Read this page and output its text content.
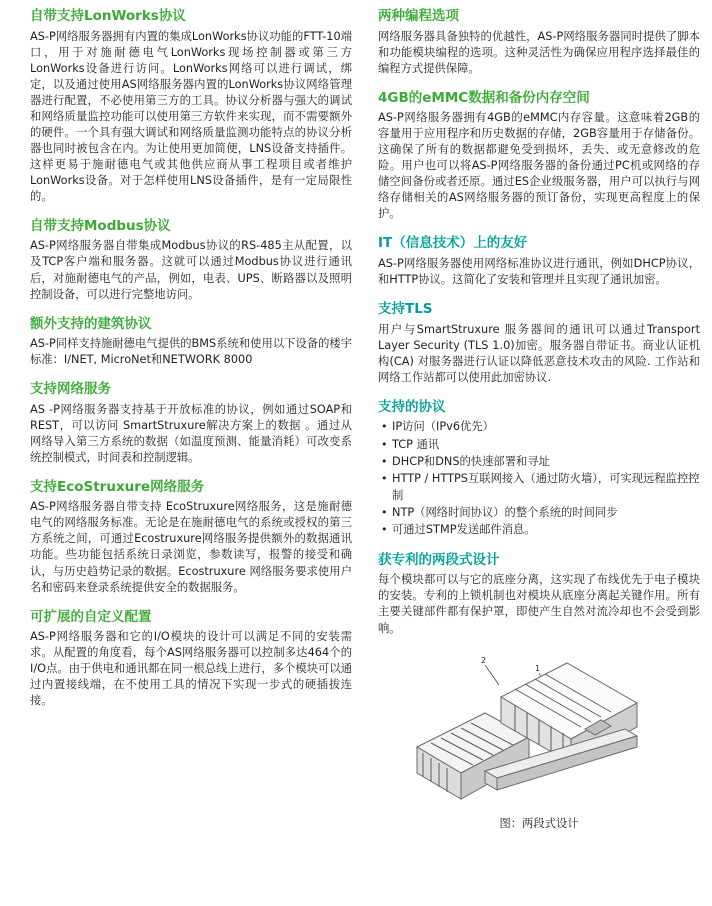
自带支持LonWorks协议

AS-P网络服务器拥有内置的集成LonWorks协议功能的FTT-10端口，用于对施耐德电气LonWorks现场控制器或第三方LonWorks设备进行访问。LonWorks网络可以进行调试，绑定，以及通过使用AS网络服务器内置的LonWorks协议网络管理器进行配置，不必使用第三方的工具。协议分析器与强大的调试和网络质量监控功能可以使用第三方软件来实现，而不需要额外的硬件。一个具有强大调试和网络质量监测功能特点的协议分析器也同时被包含在内。为让使用更加简便，LNS设备支持插件。这样更易于施耐德电气或其他供应商从事工程项目或者维护LonWorks设备。对于怎样使用LNS设备插件，是有一定局限性的。

自带支持Modbus协议

AS-P网络服务器自带集成Modbus协议的RS-485主从配置，以及TCP客户端和服务器。这就可以通过Modbus协议进行通讯后，对施耐德电气的产品，例如，电表、UPS、断路器以及照明控制设备，可以进行完整地访问。

额外支持的建筑协议

AS-P同样支持施耐德电气提供的BMS系统和使用以下设备的楼宇标准：I/NET, MicroNet和NETWORK 8000

支持网络服务

AS -P网络服务器支持基于开放标准的协议，例如通过SOAP和REST，可以访问 SmartStruxure解决方案上的数据 。通过从网络导入第三方系统的数据（如温度预测、能量消耗）可改变系统控制模式，时间表和控制逻辑。

支持EcoStruxure网络服务

AS-P网络服务器自带支持 EcoStruxure网络服务，这是施耐德电气的网络服务标准。无论是在施耐德电气的系统或授权的第三方系统之间，可通过Ecostruxure网络服务提供额外的数据通讯功能。些功能包括系统日录浏览，参数读写，报警的接受和确认，与历史趋势记录的数据。Ecostruxure 网络服务要求使用户名和密码来登录系统提供安全的数据服务。

可扩展的自定义配置

AS-P网络服务器和它的I/O模块的设计可以满足不同的安装需求。从配置的角度看，每个AS网络服务器可以控制多达464个的I/O点。由于供电和通讯都在同一根总线上进行，多个模块可以通过内置接线端，在不使用工具的情况下实现一步式的硬插拔连接。

两种编程选项

网络服务器具备独特的优越性，AS-P网络服务器同时提供了脚本和功能模块编程的选项。这种灵活性为确保应用程序选择最佳的编程方式提供保障。

4GB的eMMC数据和备份内存空间

AS-P网络服务器拥有4GB的eMMC内存容量。这意味着2GB的容量用于应用程序和历史数据的存储，2GB容量用于存储备份。这确保了所有的数据都避免受到损坏，丢失、或无意修改的危险。用户也可以将AS-P网络服务器的备份通过PC机或网络的存储空间备份或者还原。通过ES企业级服务器，用户可以执行与网络存储相关的AS网络服务器的预订备份，实现更高程度上的保护。

IT（信息技术）上的友好

AS-P网络服务器使用网络标准协议进行通讯，例如DHCP协议，和HTTP协议。这简化了安装和管理并且实现了通讯加密。

支持TLS

用户与SmartStruxure 服务器间的通讯可以通过Transport Layer Security (TLS 1.0)加密。服务器自带证书。商业认证机构(CA) 对服务器进行认证以降低恶意技术攻击的风险. 工作站和网络工作站都可以使用此加密协议.

支持的协议
• IP访问（IPv6优先）
• TCP 通讯
• DHCP和DNS的快速部署和寻址
• HTTP / HTTPS互联网接入（通过防火墙），可实现远程监控控制
• NTP（网络时间协议）的整个系统的时间同步
• 可通过STMP发送邮件消息。
获专利的两段式设计

每个模块都可以与它的底座分离，这实现了布线优先于电子模块的安装。专利的上锁机制也对模块从底座分离起关键作用。所有主要关键部件都有保护罩，即使产生自然对流冷却也不会受到影响。

2
1
图：两段式设计
